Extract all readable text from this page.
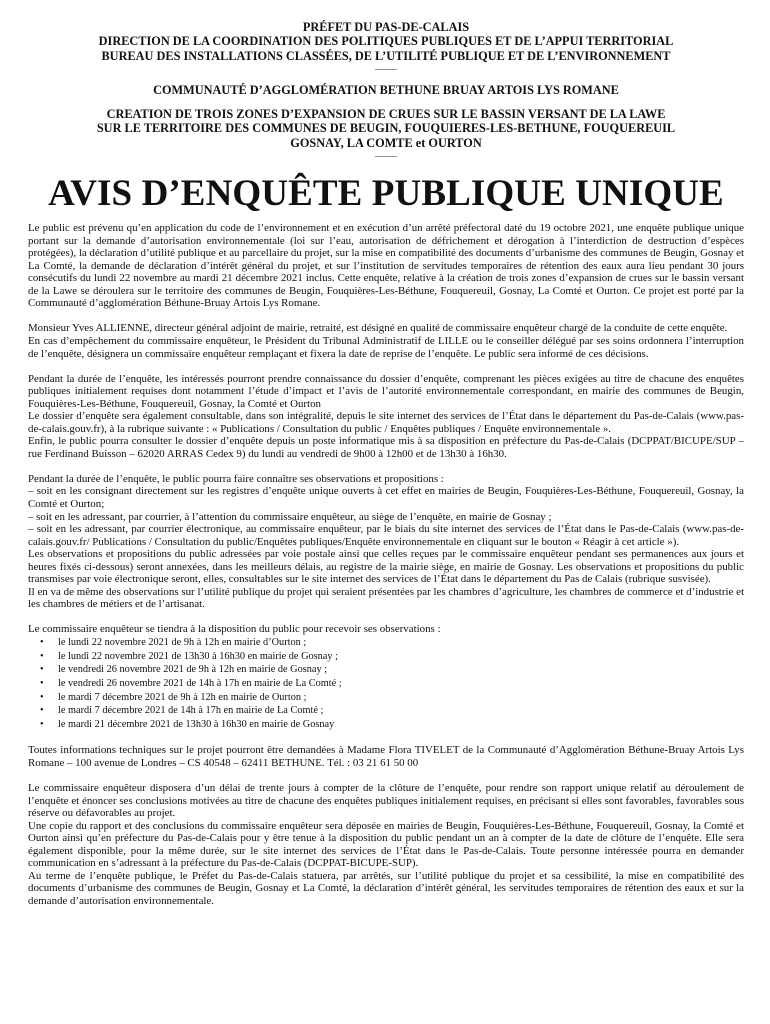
PRÉFET DU PAS-DE-CALAIS

DIRECTION DE LA COORDINATION DES POLITIQUES PUBLIQUES ET DE L’APPUI TERRITORIAL

BUREAU DES INSTALLATIONS CLASSÉES, DE L’UTILITÉ PUBLIQUE ET DE L’ENVIRONNEMENT

——

COMMUNAUTÉ D’AGGLOMÉRATION BETHUNE BRUAY ARTOIS LYS ROMANE

CREATION DE TROIS ZONES D’EXPANSION DE CRUES SUR LE BASSIN VERSANT DE LA LAWE

SUR LE TERRITOIRE DES COMMUNES DE BEUGIN, FOUQUIERES-LES-BETHUNE, FOUQUEREUIL

GOSNAY, LA COMTE et OURTON

——

AVIS D’ENQUÊTE PUBLIQUE UNIQUE

Le public est prévenu qu’en application du code de l’environnement et en exécution d’un arrêté préfectoral daté du 19 octobre 2021, une enquête publique unique portant sur la demande d’autorisation environnementale (loi sur l’eau, autorisation de défrichement et dérogation à l’interdiction de destruction d’espèces protégées), la déclaration d’utilité publique et au parcellaire du projet, sur la mise en compatibilité des documents d’urbanisme des communes de Beugin, Gosnay et La Comté, la demande de déclaration d’intérêt général du projet, et sur l’institution de servitudes temporaires de rétention des eaux aura lieu pendant 30 jours consécutifs du lundi 22 novembre au mardi 21 décembre 2021 inclus. Cette enquête, relative à la création de trois zones d’expansion de crues sur le bassin versant de la Lawe se déroulera sur le territoire des communes de Beugin, Fouquières-Les-Béthune, Fouquereuil, Gosnay, La Comté et Ourton. Ce projet est porté par la Communauté d’agglomération Béthune-Bruay Artois Lys Romane.

Monsieur Yves ALLIENNE, directeur général adjoint de mairie, retraité, est désigné en qualité de commissaire enquêteur chargé de la conduite de cette enquête.

En cas d’empêchement du commissaire enquêteur, le Président du Tribunal Administratif de LILLE ou le conseiller délégué par ses soins ordonnera l’interruption de l’enquête, désignera un commissaire enquêteur remplaçant et fixera la date de reprise de l’enquête. Le public sera informé de ces décisions.

Pendant la durée de l’enquête, les intéressés pourront prendre connaissance du dossier d’enquête, comprenant les pièces exigées au titre de chacune des enquêtes publiques initialement requises dont notamment l’étude d’impact et l’avis de l’autorité environnementale correspondant, en mairie des communes de Beugin, Fouquières-Les-Béthune, Fouquereuil, Gosnay, la Comté et Ourton

Le dossier d’enquête sera également consultable, dans son intégralité, depuis le site internet des services de l’État dans le département du Pas-de-Calais (www.pas-de-calais.gouv.fr), à la rubrique suivante : « Publications / Consultation du public / Enquêtes publiques / Enquête environnementale ».

Enfin, le public pourra consulter le dossier d’enquête depuis un poste informatique mis à sa disposition en préfecture du Pas-de-Calais (DCPPAT/BICUPE/SUP – rue Ferdinand Buisson – 62020 ARRAS Cedex 9) du lundi au vendredi de 9h00 à 12h00 et de 13h30 à 16h30.

Pendant la durée de l’enquête, le public pourra faire connaître ses observations et propositions :

– soit en les consignant directement sur les registres d’enquête unique ouverts à cet effet en mairies de Beugin, Fouquières-Les-Béthune, Fouquereuil, Gosnay, la Comté et Ourton;

– soit en les adressant, par courrier, à l’attention du commissaire enquêteur, au siège de l’enquête, en mairie de Gosnay ;

– soit en les adressant, par courrier électronique, au commissaire enquêteur, par le biais du site internet des services de l’État dans le Pas-de-Calais (www.pas-de-calais.gouv.fr/ Publications / Consultation du public/Enquêtes publiques/Enquête environnementale en cliquant sur le bouton « Réagir à cet article »).

Les observations et propositions du public adressées par voie postale ainsi que celles reçues par le commissaire enquêteur pendant ses permanences aux jours et heures fixés ci-dessous) seront annexées, dans les meilleurs délais, au registre de la mairie siège, en mairie de Gosnay. Les observations et propositions du public transmises par voie électronique seront, elles, consultables sur le site internet des services de l’État dans le département du Pas de Calais (rubrique susvisée).

Il en va de même des observations sur l’utilité publique du projet qui seraient présentées par les chambres d’agriculture, les chambres de commerce et d’industrie et les chambres de métiers et de l’artisanat.

Le commissaire enquêteur se tiendra à la disposition du public pour recevoir ses observations :

• le lundi 22 novembre 2021 de 9h à 12h en mairie d’Ourton ;
• le lundi 22 novembre 2021 de 13h30 à 16h30 en mairie de Gosnay ;
• le vendredi 26 novembre 2021 de 9h à 12h en mairie de Gosnay ;
• le vendredi 26 novembre 2021 de 14h à 17h en mairie de La Comté ;
• le mardi 7 décembre 2021 de 9h à 12h en mairie de Ourton ;
• le mardi 7 décembre 2021 de 14h à 17h en mairie de La Comté ;
• le mardi 21 décembre 2021 de 13h30 à 16h30 en mairie de Gosnay

Toutes informations techniques sur le projet pourront être demandées à Madame Flora TIVELET de la Communauté d’Agglomération Béthune-Bruay Artois Lys Romane – 100 avenue de Londres – CS 40548 – 62411 BETHUNE. Tél. : 03 21 61 50 00

Le commissaire enquêteur disposera d’un délai de trente jours à compter de la clôture de l’enquête, pour rendre son rapport unique relatif au déroulement de l’enquête et énoncer ses conclusions motivées au titre de chacune des enquêtes publiques initialement requises, en précisant si elles sont favorables, favorables sous réserve ou défavorables au projet.

Une copie du rapport et des conclusions du commissaire enquêteur sera déposée en mairies de Beugin, Fouquières-Les-Béthune, Fouquereuil, Gosnay, la Comté et Ourton ainsi qu’en préfecture du Pas-de-Calais pour y être tenue à la disposition du public pendant un an à compter de la date de clôture de l’enquête. Elle sera également disponible, pour la même durée, sur le site internet des services de l’État dans le Pas-de-Calais. Toute personne intéressée pourra en demander communication en s’adressant à la préfecture du Pas-de-Calais (DCPPAT-BICUPE-SUP).

Au terme de l’enquête publique, le Préfet du Pas-de-Calais statuera, par arrêtés, sur l’utilité publique du projet et sa cessibilité, la mise en compatibilité des documents d’urbanisme des communes de Beugin, Gosnay et La Comté, la déclaration d’intérêt général, les servitudes temporaires de rétention des eaux et sur la demande d’autorisation environnementale.
